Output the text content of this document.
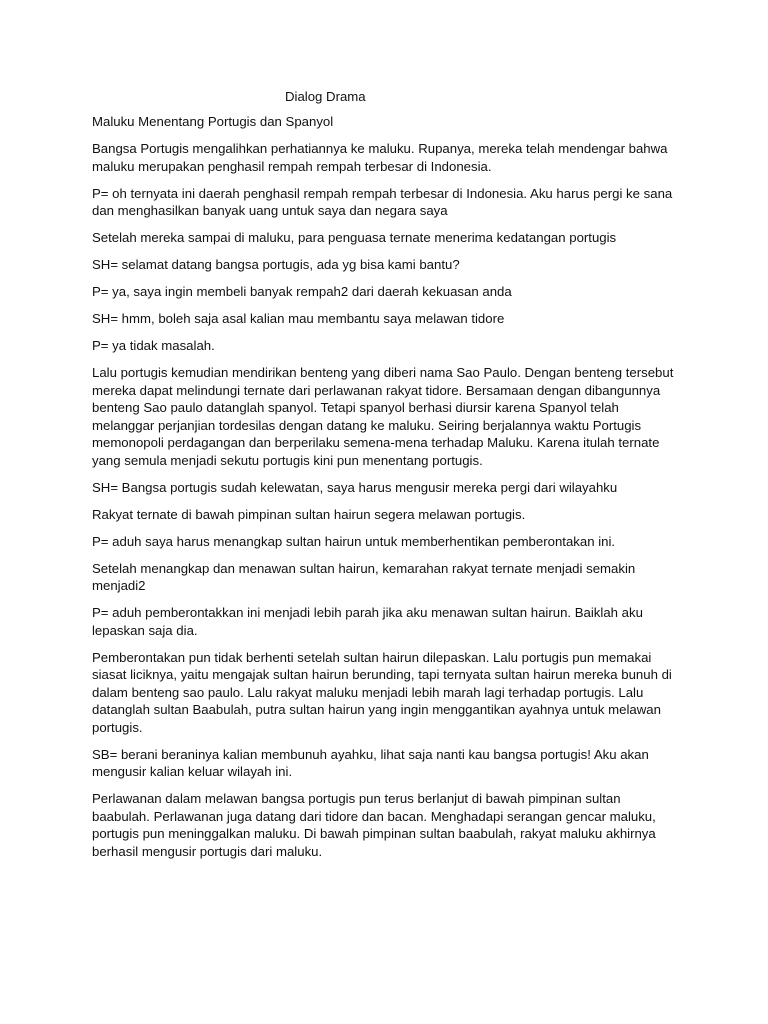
Dialog Drama

Maluku Menentang Portugis dan Spanyol

Bangsa Portugis mengalihkan perhatiannya ke maluku. Rupanya, mereka telah mendengar bahwa maluku merupakan penghasil rempah rempah terbesar di Indonesia.

P= oh ternyata ini daerah penghasil rempah rempah terbesar di Indonesia. Aku harus pergi ke sana dan menghasilkan banyak uang untuk saya dan negara saya

Setelah mereka sampai di maluku, para penguasa ternate menerima kedatangan portugis

SH= selamat datang bangsa portugis, ada yg bisa kami bantu?

P= ya, saya ingin membeli banyak rempah2 dari daerah kekuasan anda

SH= hmm, boleh saja asal kalian mau membantu saya melawan tidore

P= ya tidak masalah.

Lalu portugis kemudian mendirikan benteng yang diberi nama Sao Paulo. Dengan benteng tersebut mereka dapat melindungi ternate dari perlawanan rakyat tidore. Bersamaan dengan dibangunnya benteng Sao paulo datanglah spanyol. Tetapi spanyol berhasi diursir karena Spanyol telah melanggar perjanjian tordesilas dengan datang ke maluku. Seiring berjalannya waktu Portugis memonopoli perdagangan dan berperilaku semena-mena terhadap Maluku. Karena itulah ternate yang semula menjadi sekutu portugis kini pun menentang portugis.

SH= Bangsa portugis sudah kelewatan, saya harus mengusir mereka pergi dari wilayahku

Rakyat ternate di bawah pimpinan sultan hairun segera melawan portugis.

P= aduh saya harus menangkap sultan hairun untuk memberhentikan pemberontakan ini.

Setelah menangkap dan menawan sultan hairun, kemarahan rakyat ternate menjadi semakin menjadi2

P= aduh pemberontakkan ini menjadi lebih parah jika aku menawan sultan hairun. Baiklah aku lepaskan saja dia.

Pemberontakan pun tidak berhenti setelah sultan hairun dilepaskan. Lalu portugis pun memakai siasat liciknya, yaitu mengajak sultan hairun berunding, tapi ternyata sultan hairun mereka bunuh di dalam benteng sao paulo. Lalu rakyat maluku menjadi lebih marah lagi terhadap portugis. Lalu datanglah sultan Baabulah, putra sultan hairun yang ingin menggantikan ayahnya untuk melawan portugis.

SB= berani beraninya kalian membunuh ayahku, lihat saja nanti kau bangsa portugis! Aku akan mengusir kalian keluar wilayah ini.

Perlawanan dalam melawan bangsa portugis pun terus berlanjut di bawah pimpinan sultan baabulah. Perlawanan juga datang dari tidore dan bacan. Menghadapi serangan gencar maluku, portugis pun meninggalkan maluku. Di bawah pimpinan sultan baabulah, rakyat maluku akhirnya berhasil mengusir portugis dari maluku.
